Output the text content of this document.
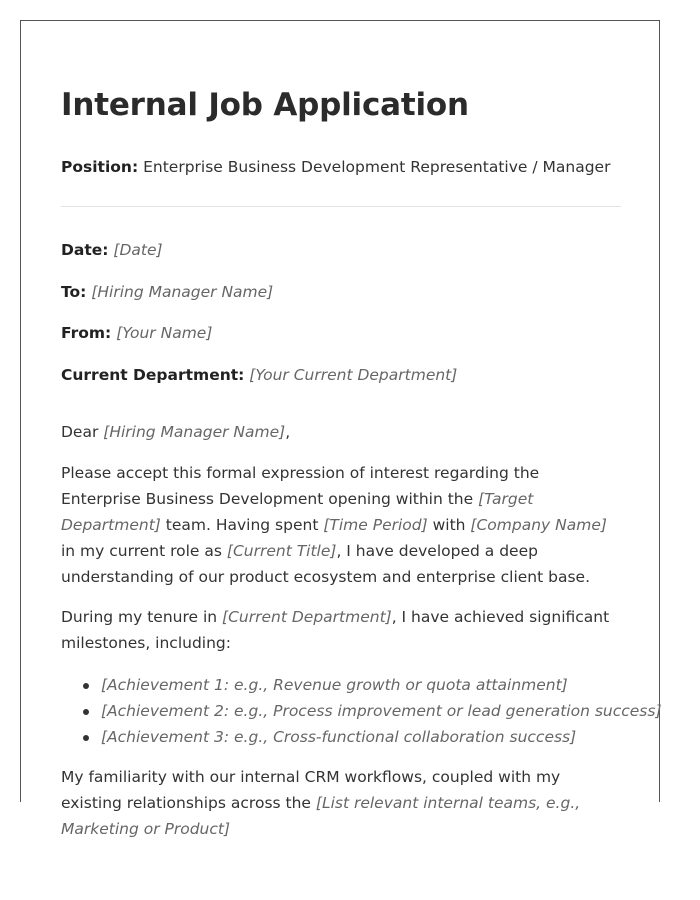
Internal Job Application
Position: Enterprise Business Development Representative / Manager
Date: [Date]
To: [Hiring Manager Name]
From: [Your Name]
Current Department: [Your Current Department]
Dear [Hiring Manager Name],
Please accept this formal expression of interest regarding the Enterprise Business Development opening within the [Target Department] team. Having spent [Time Period] with [Company Name] in my current role as [Current Title], I have developed a deep understanding of our product ecosystem and enterprise client base.
During my tenure in [Current Department], I have achieved significant milestones, including:
[Achievement 1: e.g., Revenue growth or quota attainment]
[Achievement 2: e.g., Process improvement or lead generation success]
[Achievement 3: e.g., Cross-functional collaboration success]
My familiarity with our internal CRM workflows, coupled with my existing relationships across the [List relevant internal teams, e.g., Marketing or Product]
